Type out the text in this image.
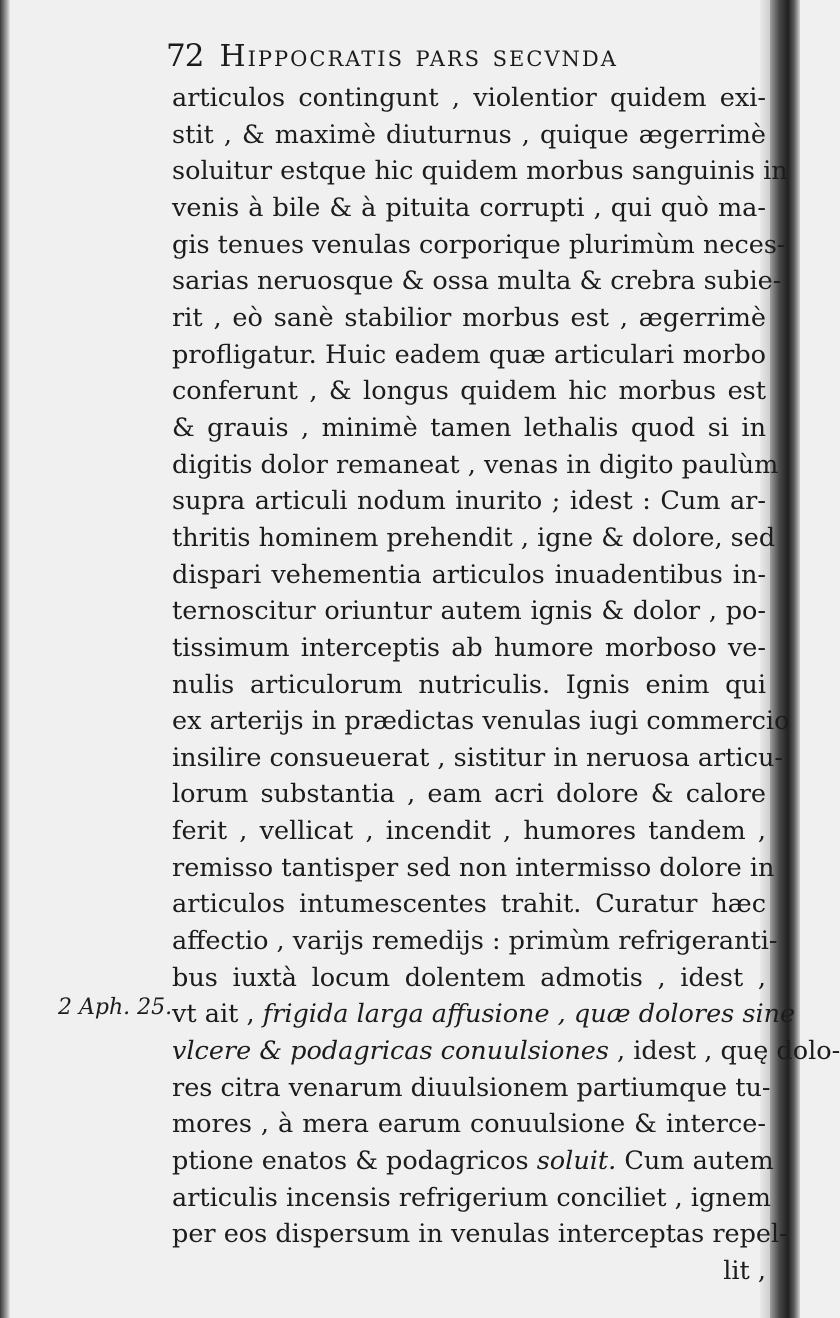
72 Hippocratis pars secvnda
2 Aph. 25.
articulos contingunt , violentior quidem exi-
stit , & maximè diuturnus , quique ægerrimè
soluitur estque hic quidem morbus sanguinis in
venis à bile & à pituita corrupti , qui quò ma-
gis tenues venulas corporique plurimùm neces-
sarias neruosque & ossa multa & crebra subie-
rit , eò sanè stabilior morbus est , ægerrimè
profligatur. Huic eadem quæ articulari morbo
conferunt , & longus quidem hic morbus est
& grauis , minimè tamen lethalis quod si in
digitis dolor remaneat , venas in digito paulùm
supra articuli nodum inurito ; idest : Cum ar-
thritis hominem prehendit , igne & dolore, sed
dispari vehementia articulos inuadentibus in-
ternoscitur oriuntur autem ignis & dolor , po-
tissimum interceptis ab humore morboso ve-
nulis articulorum nutriculis. Ignis enim qui
ex arterijs in prædictas venulas iugi commercio
insilire consueuerat , sistitur in neruosa articu-
lorum substantia , eam acri dolore & calore
ferit , vellicat , incendit , humores tandem ,
remisso tantisper sed non intermisso dolore in
articulos intumescentes trahit. Curatur hæc
affectio , varijs remedijs : primùm refrigeranti-
bus iuxtà locum dolentem admotis , idest ,
vt ait , frigida larga affusione , quæ dolores sine
vlcere & podagricas conuulsiones , idest , quę dolo-
res citra venarum diuulsionem partiumque tu-
mores , à mera earum conuulsione & interce-
ptione enatos & podagricos soluit. Cum autem
articulis incensis refrigerium conciliet , ignem
per eos dispersum in venulas interceptas repel-
lit ,
